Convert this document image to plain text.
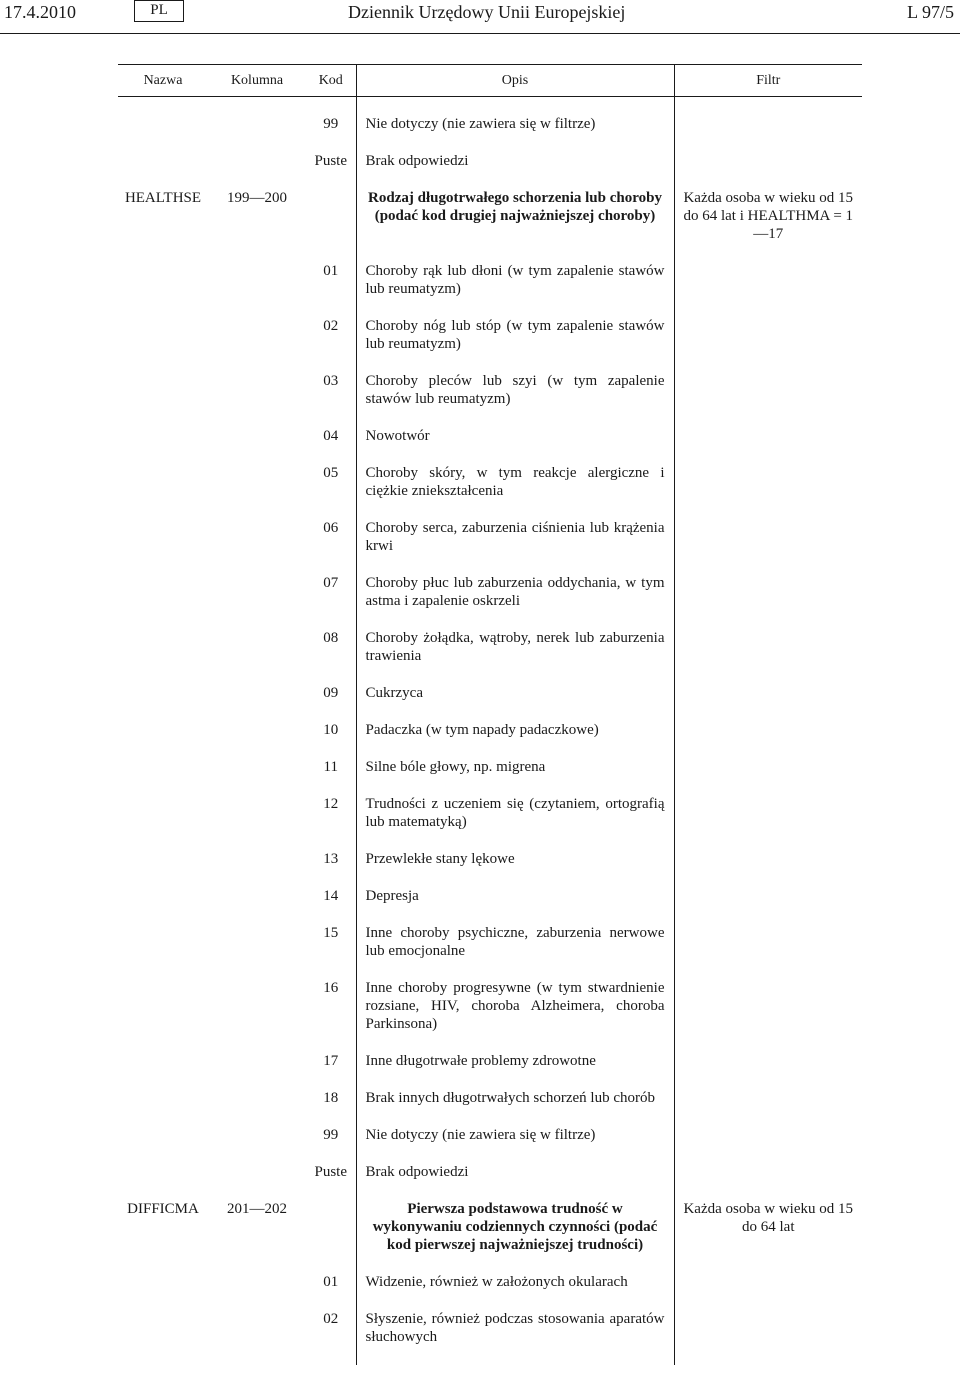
17.4.2010	PL	Dziennik Urzędowy Unii Europejskiej	L 97/5
Nazwa	Kolumna	Kod	Opis	Filtr
		99	Nie dotyczy (nie zawiera się w filtrze)	
		Puste	Brak odpowiedzi	
HEALTHSE	199—200		Rodzaj długotrwałego schorzenia lub choroby (podać kod drugiej najważniejszej choroby)	Każda osoba w wieku od 15 do 64 lat i HEALTHMA = 1—17
		01	Choroby rąk lub dłoni (w tym zapalenie stawów lub reumatyzm)	
		02	Choroby nóg lub stóp (w tym zapalenie stawów lub reumatyzm)	
		03	Choroby pleców lub szyi (w tym zapalenie stawów lub reumatyzm)	
		04	Nowotwór	
		05	Choroby skóry, w tym reakcje alergiczne i ciężkie zniekształcenia	
		06	Choroby serca, zaburzenia ciśnienia lub krążenia krwi	
		07	Choroby płuc lub zaburzenia oddychania, w tym astma i zapalenie oskrzeli	
		08	Choroby żołądka, wątroby, nerek lub zaburzenia trawienia	
		09	Cukrzyca	
		10	Padaczka (w tym napady padaczkowe)	
		11	Silne bóle głowy, np. migrena	
		12	Trudności z uczeniem się (czytaniem, ortografią lub matematyką)	
		13	Przewlekłe stany lękowe	
		14	Depresja	
		15	Inne choroby psychiczne, zaburzenia nerwowe lub emocjonalne	
		16	Inne choroby progresywne (w tym stwardnienie rozsiane, HIV, choroba Alzheimera, choroba Parkinsona)	
		17	Inne długotrwałe problemy zdrowotne	
		18	Brak innych długotrwałych schorzeń lub chorób	
		99	Nie dotyczy (nie zawiera się w filtrze)	
		Puste	Brak odpowiedzi	
DIFFICMA	201—202		Pierwsza podstawowa trudność w wykonywaniu codziennych czynności (podać kod pierwszej najważniejszej trudności)	Każda osoba w wieku od 15 do 64 lat
		01	Widzenie, również w założonych okularach	
		02	Słyszenie, również podczas stosowania aparatów słuchowych	
